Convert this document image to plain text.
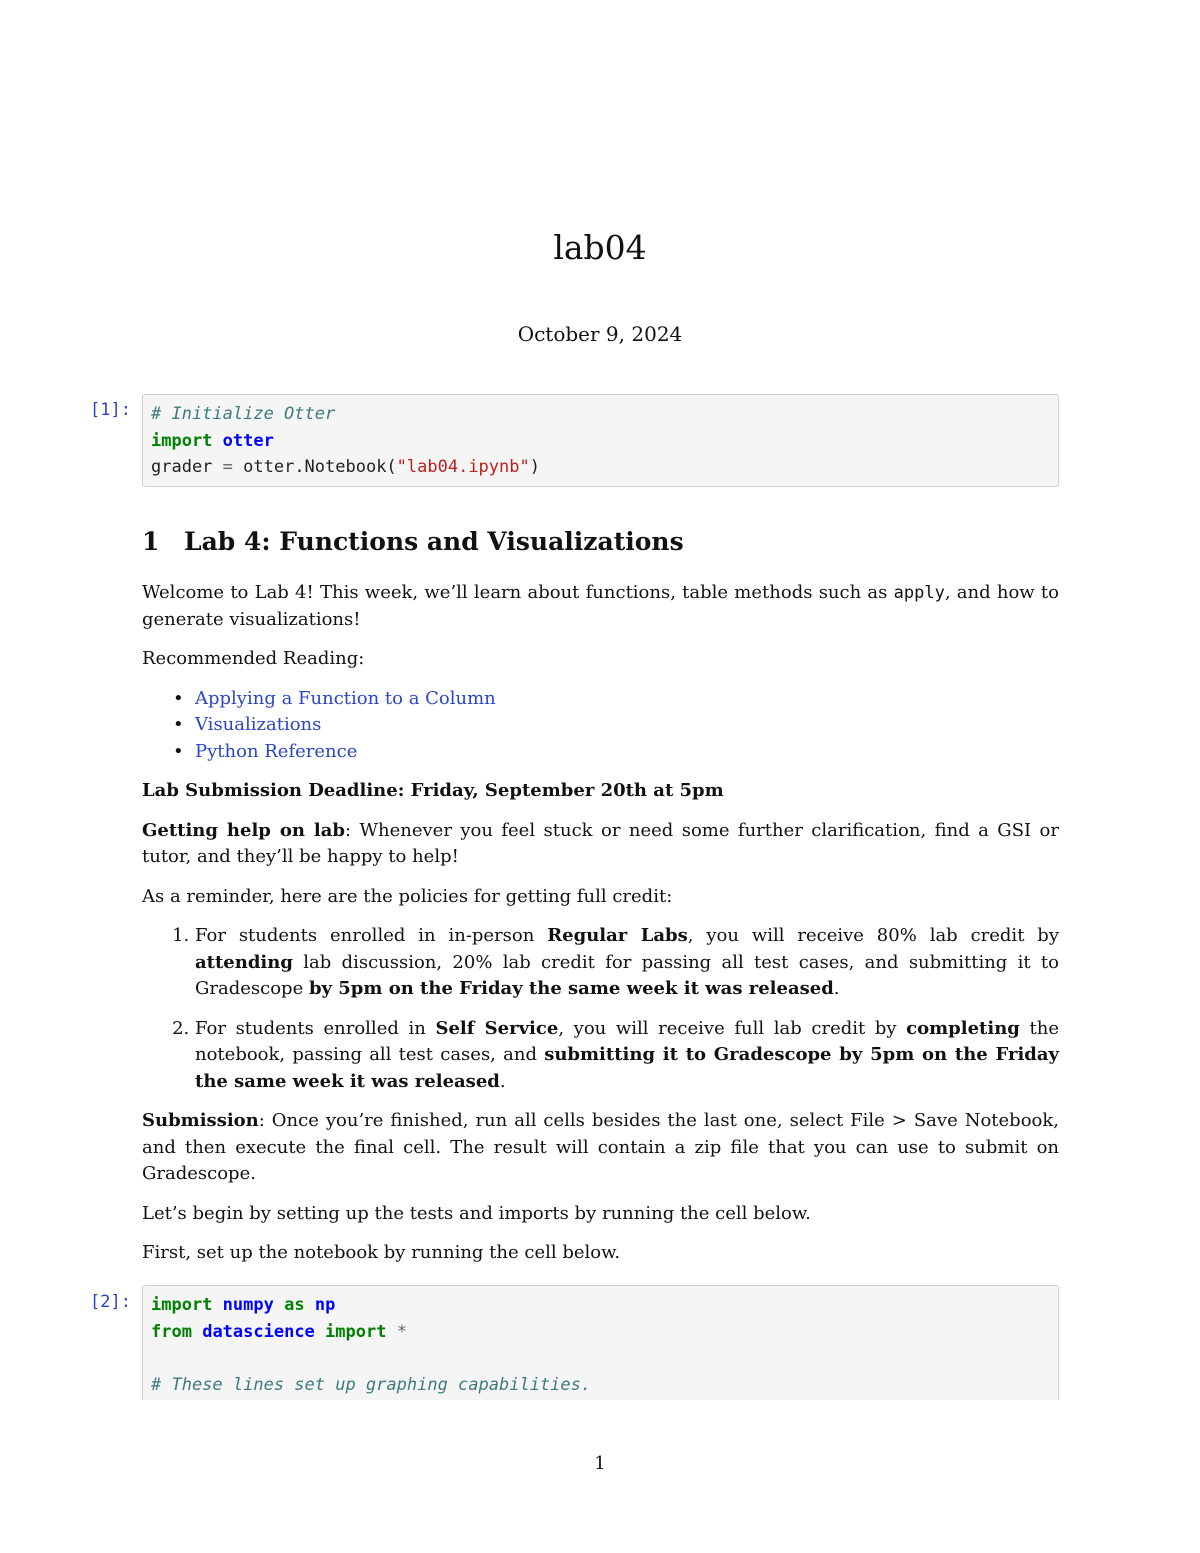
lab04
October 9, 2024
[1]:	# Initialize Otter
import otter
grader = otter.Notebook("lab04.ipynb")
1 Lab 4: Functions and Visualizations

Welcome to Lab 4! This week, we’ll learn about functions, table methods such as apply, and how to generate visualizations!

Recommended Reading:

• Applying a Function to a Column
• Visualizations
• Python Reference

Lab Submission Deadline: Friday, September 20th at 5pm

Getting help on lab: Whenever you feel stuck or need some further clarification, find a GSI or tutor, and they’ll be happy to help!

As a reminder, here are the policies for getting full credit:

1. For students enrolled in in-person Regular Labs, you will receive 80% lab credit by attending lab discussion, 20% lab credit for passing all test cases, and submitting it to Gradescope by 5pm on the Friday the same week it was released.
2. For students enrolled in Self Service, you will receive full lab credit by completing the notebook, passing all test cases, and submitting it to Gradescope by 5pm on the Friday the same week it was released.

Submission: Once you’re finished, run all cells besides the last one, select File > Save Notebook, and then execute the final cell. The result will contain a zip file that you can use to submit on Gradescope.

Let’s begin by setting up the tests and imports by running the cell below.

First, set up the notebook by running the cell below.

[2]:	import numpy as np
from datascience import *

# These lines set up graphing capabilities.
1
